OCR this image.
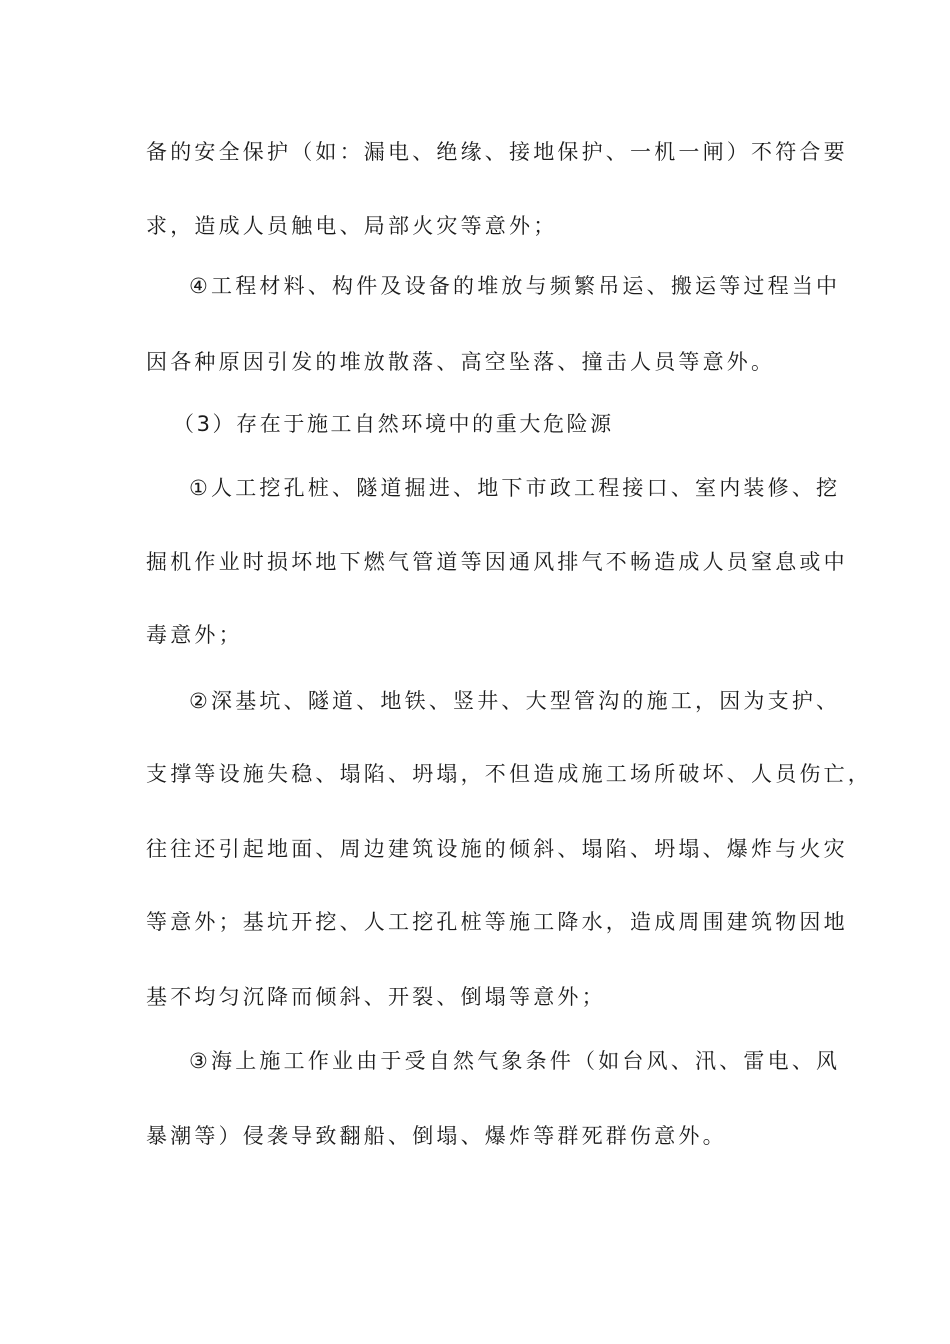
备的安全保护（如：漏电、绝缘、接地保护、一机一闸）不符合要
求，造成人员触电、局部火灾等意外；
④工程材料、构件及设备的堆放与频繁吊运、搬运等过程当中
因各种原因引发的堆放散落、高空坠落、撞击人员等意外。
（3）存在于施工自然环境中的重大危险源
①人工挖孔桩、隧道掘进、地下市政工程接口、室内装修、挖
掘机作业时损坏地下燃气管道等因通风排气不畅造成人员窒息或中
毒意外；
②深基坑、隧道、地铁、竖井、大型管沟的施工，因为支护、
支撑等设施失稳、塌陷、坍塌，不但造成施工场所破坏、人员伤亡，
往往还引起地面、周边建筑设施的倾斜、塌陷、坍塌、爆炸与火灾
等意外；基坑开挖、人工挖孔桩等施工降水，造成周围建筑物因地
基不均匀沉降而倾斜、开裂、倒塌等意外；
③海上施工作业由于受自然气象条件（如台风、汛、雷电、风
暴潮等）侵袭导致翻船、倒塌、爆炸等群死群伤意外。
